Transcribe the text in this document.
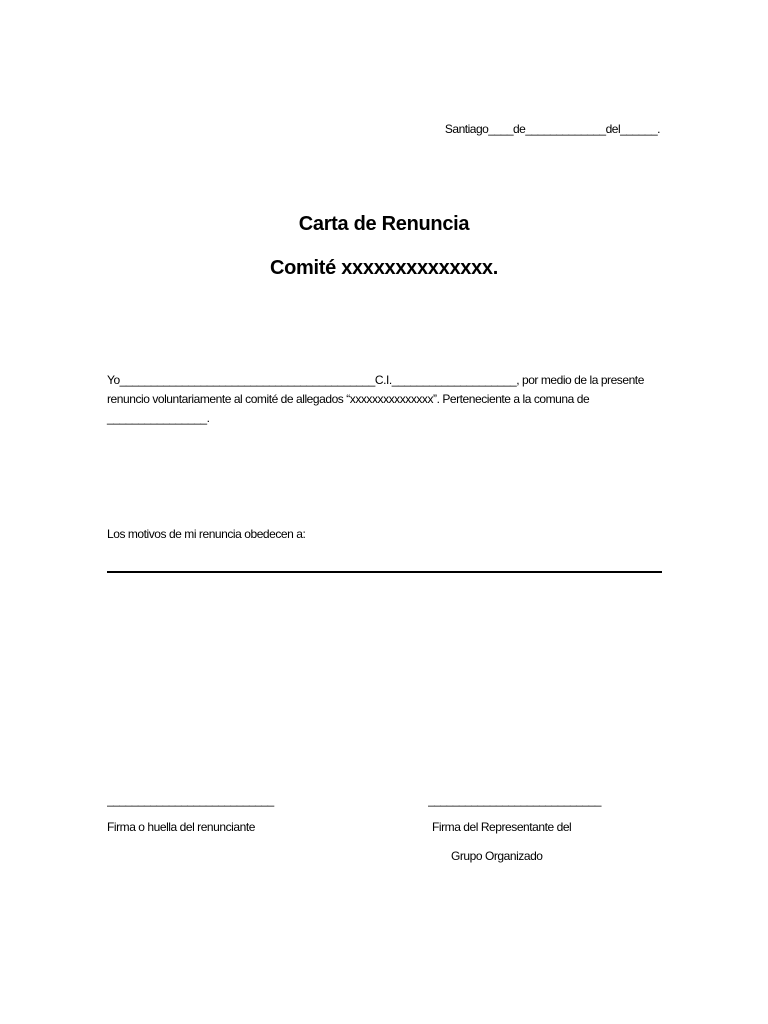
Santiago____de_____________del______.
Carta de Renuncia
Comité xxxxxxxxxxxxxx.
Yo_________________________________________C.I.____________________, por medio de la presente renuncio voluntariamente al comité de allegados “xxxxxxxxxxxxxxx”. Perteneciente a la comuna de ________________.
Los motivos de mi renuncia obedecen a:
___________________________	____________________________
Firma o huella del renunciante	Firma del Representante del
Grupo Organizado
